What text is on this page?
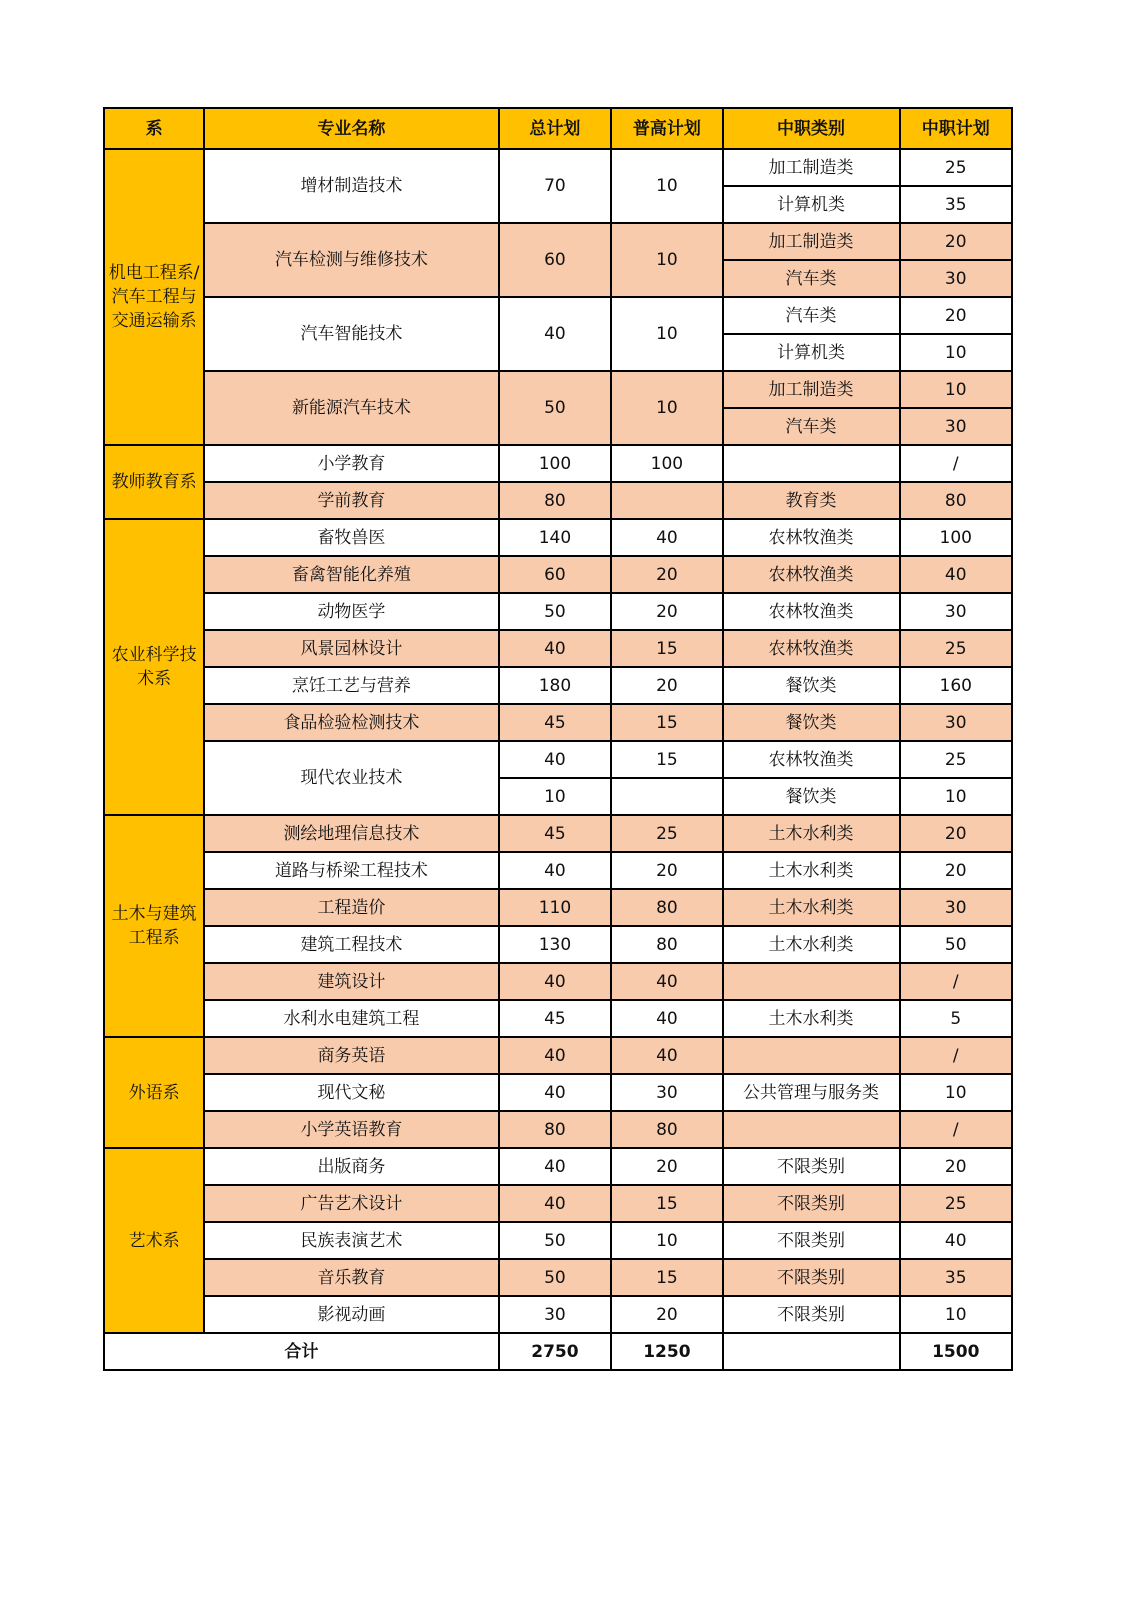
系	专业名称	总计划	普高计划	中职类别	中职计划
机电工程系/汽车工程与交通运输系	增材制造技术	70	10	加工制造类	25
				计算机类	35
	汽车检测与维修技术	60	10	加工制造类	20
				汽车类	30
	汽车智能技术	40	10	汽车类	20
				计算机类	10
	新能源汽车技术	50	10	加工制造类	10
				汽车类	30
教师教育系	小学教育	100	100		/
	学前教育	80		教育类	80
农业科学技术系	畜牧兽医	140	40	农林牧渔类	100
	畜禽智能化养殖	60	20	农林牧渔类	40
	动物医学	50	20	农林牧渔类	30
	风景园林设计	40	15	农林牧渔类	25
	烹饪工艺与营养	180	20	餐饮类	160
	食品检验检测技术	45	15	餐饮类	30
	现代农业技术	40	15	农林牧渔类	25
		10		餐饮类	10
土木与建筑工程系	测绘地理信息技术	45	25	土木水利类	20
	道路与桥梁工程技术	40	20	土木水利类	20
	工程造价	110	80	土木水利类	30
	建筑工程技术	130	80	土木水利类	50
	建筑设计	40	40		/
	水利水电建筑工程	45	40	土木水利类	5
外语系	商务英语	40	40		/
	现代文秘	40	30	公共管理与服务类	10
	小学英语教育	80	80		/
艺术系	出版商务	40	20	不限类别	20
	广告艺术设计	40	15	不限类别	25
	民族表演艺术	50	10	不限类别	40
	音乐教育	50	15	不限类别	35
	影视动画	30	20	不限类别	10
合计		2750	1250		1500
